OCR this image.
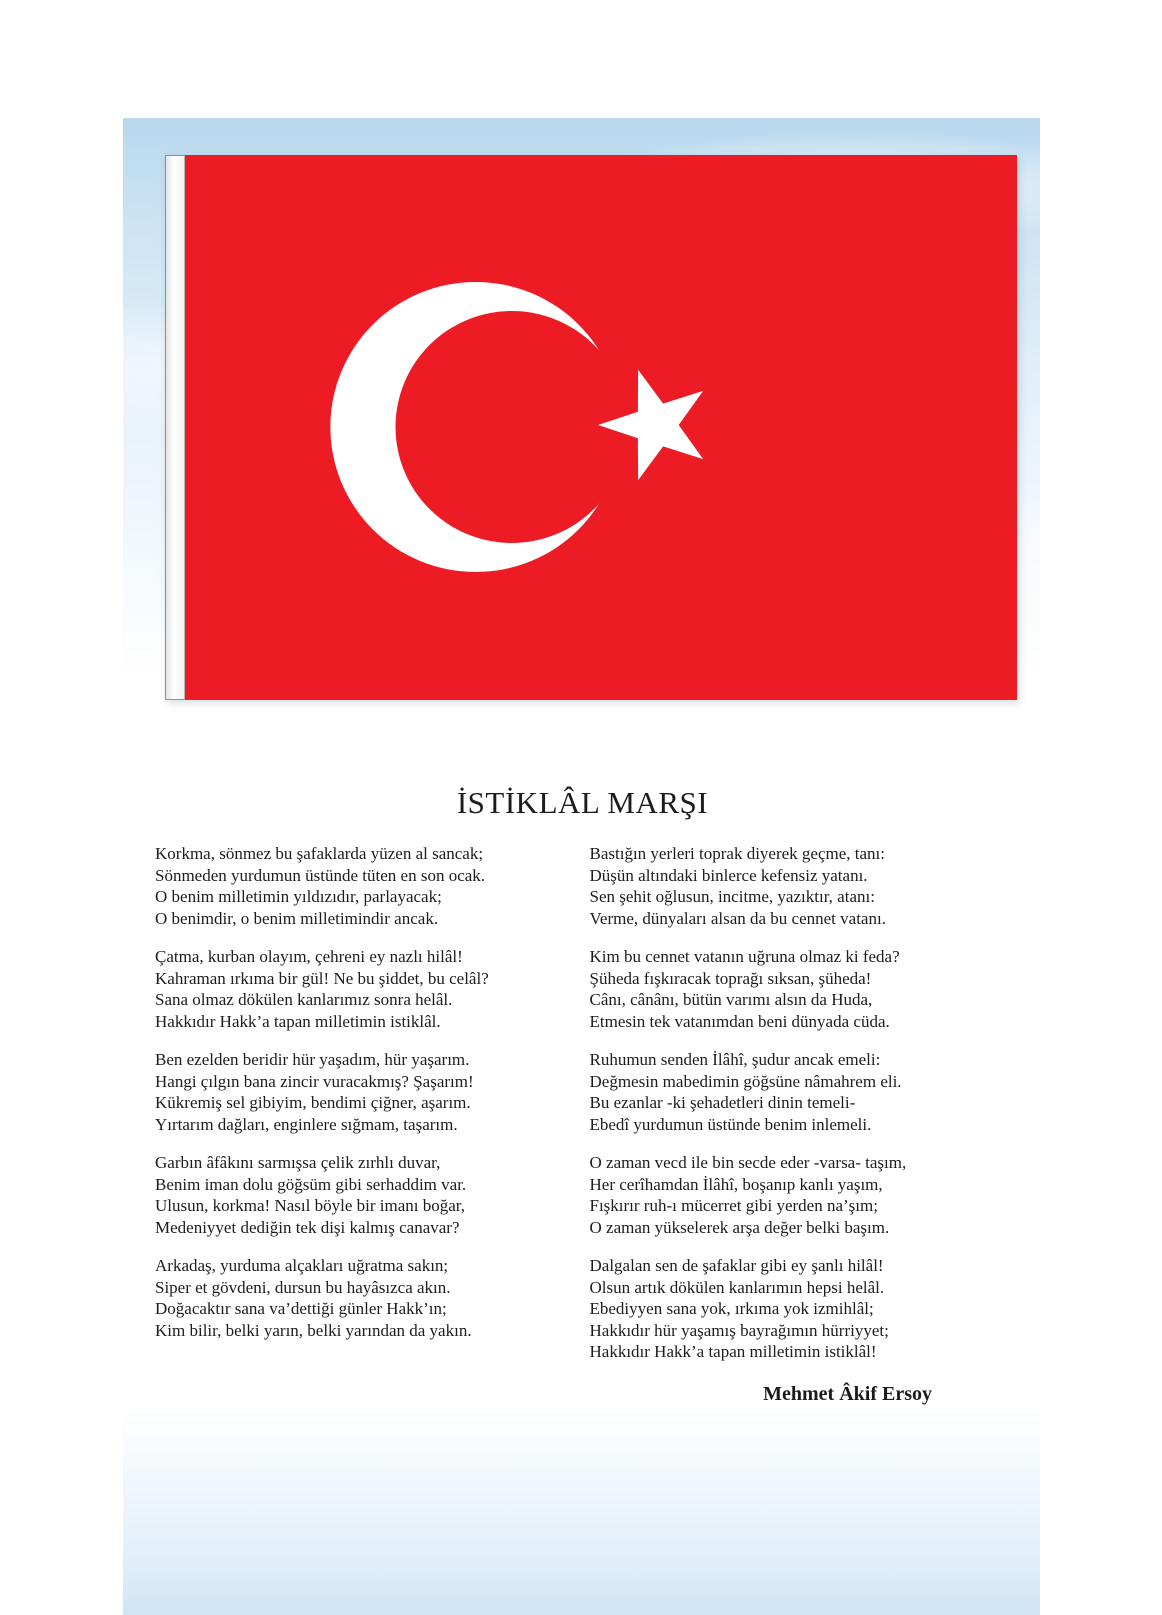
İSTİKLÂL MARŞI

Korkma, sönmez bu şafaklarda yüzen al sancak;

Sönmeden yurdumun üstünde tüten en son ocak.

O benim milletimin yıldızıdır, parlayacak;

O benimdir, o benim milletimindir ancak.

Çatma, kurban olayım, çehreni ey nazlı hilâl!

Kahraman ırkıma bir gül! Ne bu şiddet, bu celâl?

Sana olmaz dökülen kanlarımız sonra helâl.

Hakkıdır Hakk’a tapan milletimin istiklâl.

Ben ezelden beridir hür yaşadım, hür yaşarım.

Hangi çılgın bana zincir vuracakmış? Şaşarım!

Kükremiş sel gibiyim, bendimi çiğner, aşarım.

Yırtarım dağları, enginlere sığmam, taşarım.

Garbın âfâkını sarmışsa çelik zırhlı duvar,

Benim iman dolu göğsüm gibi serhaddim var.

Ulusun, korkma! Nasıl böyle bir imanı boğar,

Medeniyyet dediğin tek dişi kalmış canavar?

Arkadaş, yurduma alçakları uğratma sakın;

Siper et gövdeni, dursun bu hayâsızca akın.

Doğacaktır sana va’dettiği günler Hakk’ın;

Kim bilir, belki yarın, belki yarından da yakın.

Bastığın yerleri toprak diyerek geçme, tanı:

Düşün altındaki binlerce kefensiz yatanı.

Sen şehit oğlusun, incitme, yazıktır, atanı:

Verme, dünyaları alsan da bu cennet vatanı.

Kim bu cennet vatanın uğruna olmaz ki feda?

Şüheda fışkıracak toprağı sıksan, şüheda!

Cânı, cânânı, bütün varımı alsın da Huda,

Etmesin tek vatanımdan beni dünyada cüda.

Ruhumun senden İlâhî, şudur ancak emeli:

Değmesin mabedimin göğsüne nâmahrem eli.

Bu ezanlar -ki şehadetleri dinin temeli-

Ebedî yurdumun üstünde benim inlemeli.

O zaman vecd ile bin secde eder -varsa- taşım,

Her cerîhamdan İlâhî, boşanıp kanlı yaşım,

Fışkırır ruh-ı mücerret gibi yerden na’şım;

O zaman yükselerek arşa değer belki başım.

Dalgalan sen de şafaklar gibi ey şanlı hilâl!

Olsun artık dökülen kanlarımın hepsi helâl.

Ebediyyen sana yok, ırkıma yok izmihlâl;

Hakkıdır hür yaşamış bayrağımın hürriyyet;

Hakkıdır Hakk’a tapan milletimin istiklâl!

Mehmet Âkif Ersoy
